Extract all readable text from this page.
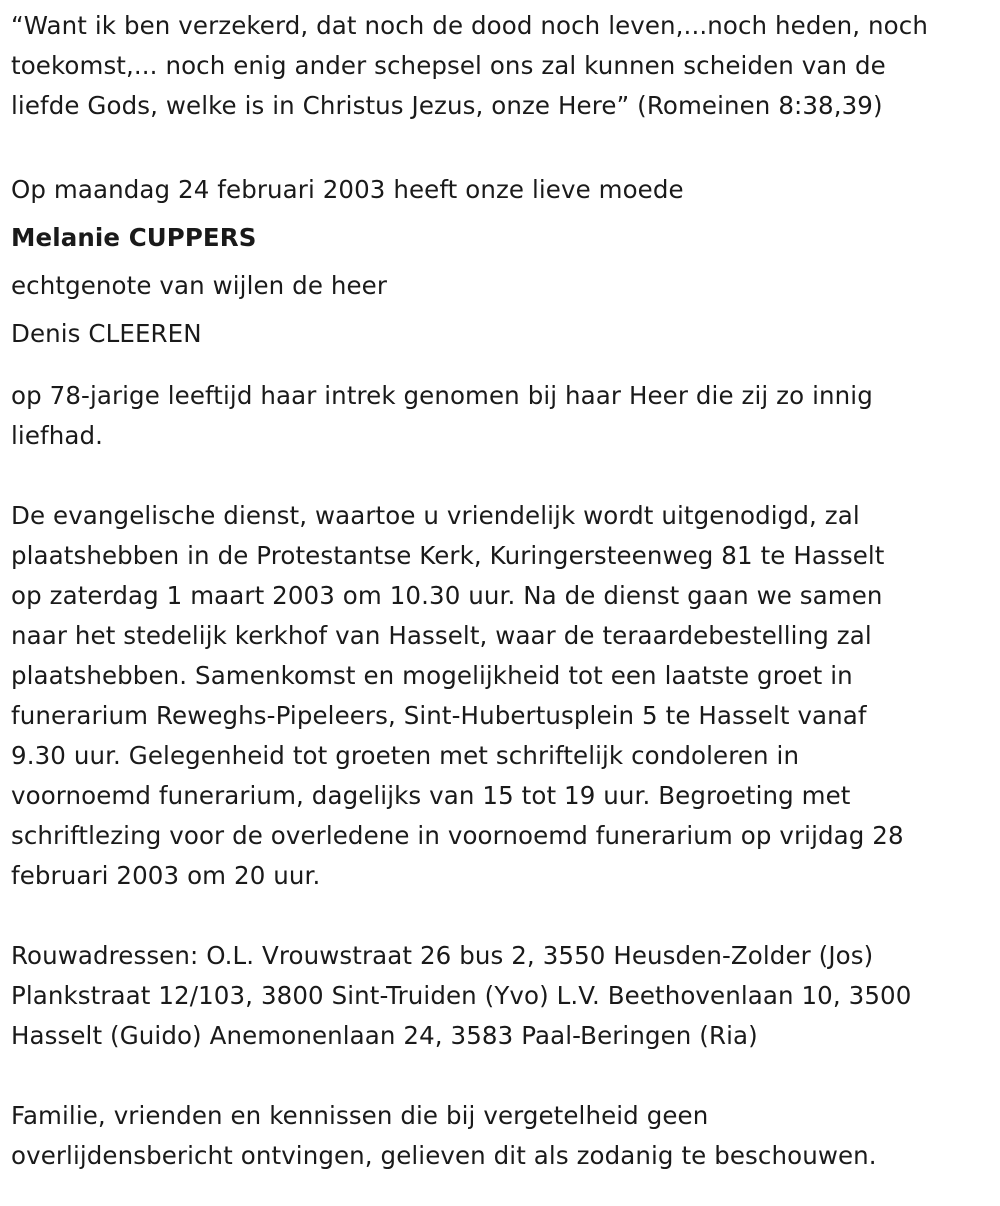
“Want ik ben verzekerd, dat noch de dood noch leven,...noch heden, noch
toekomst,... noch enig ander schepsel ons zal kunnen scheiden van de
liefde Gods, welke is in Christus Jezus, onze Here” (Romeinen 8:38,39)
Op maandag 24 februari 2003 heeft onze lieve moede
Melanie CUPPERS
echtgenote van wijlen de heer
Denis CLEEREN
op 78-jarige leeftijd haar intrek genomen bij haar Heer die zij zo innig
liefhad.
De evangelische dienst, waartoe u vriendelijk wordt uitgenodigd, zal
plaatshebben in de Protestantse Kerk, Kuringersteenweg 81 te Hasselt
op zaterdag 1 maart 2003 om 10.30 uur. Na de dienst gaan we samen
naar het stedelijk kerkhof van Hasselt, waar de teraardebestelling zal
plaatshebben. Samenkomst en mogelijkheid tot een laatste groet in
funerarium Reweghs-Pipeleers, Sint-Hubertusplein 5 te Hasselt vanaf
9.30 uur. Gelegenheid tot groeten met schriftelijk condoleren in
voornoemd funerarium, dagelijks van 15 tot 19 uur. Begroeting met
schriftlezing voor de overledene in voornoemd funerarium op vrijdag 28
februari 2003 om 20 uur.
Rouwadressen: O.L. Vrouwstraat 26 bus 2, 3550 Heusden-Zolder (Jos)
Plankstraat 12/103, 3800 Sint-Truiden (Yvo) L.V. Beethovenlaan 10, 3500
Hasselt (Guido) Anemonenlaan 24, 3583 Paal-Beringen (Ria)
Familie, vrienden en kennissen die bij vergetelheid geen
overlijdensbericht ontvingen, gelieven dit als zodanig te beschouwen.
